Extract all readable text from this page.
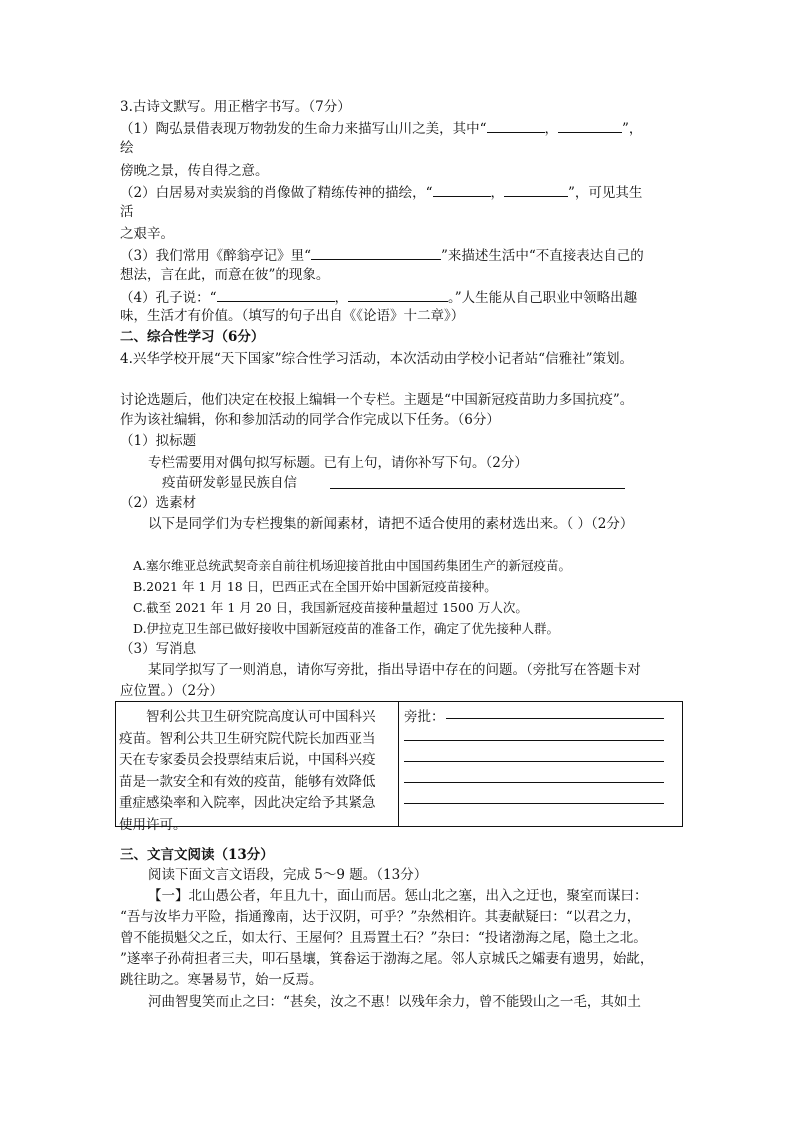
3.古诗文默写。用正楷字书写。（7分）
（1）陶弘景借表现万物勃发的生命力来描写山川之美，其中“	，	”，
绘
傍晚之景，传自得之意。
（2）白居易对卖炭翁的肖像做了精练传神的描绘，“	，	”，可见其生
活
之艰辛。
（3）我们常用《醉翁亭记》里“	”来描述生活中“不直接表达自己的
想法，言在此，而意在彼”的现象。
（4）孔子说：“	，	。”人生能从自己职业中领略出趣
味，生活才有价值。（填写的句子出自《《论语》十二章》）
二、综合性学习（6分）
4.兴华学校开展“天下国家”综合性学习活动，本次活动由学校小记者站“信雅社”策划。
讨论选题后，他们决定在校报上编辑一个专栏。主题是“中国新冠疫苗助力多国抗疫”。
作为该社编辑，你和参加活动的同学合作完成以下任务。（6分）
（1）拟标题
专栏需要用对偶句拟写标题。已有上句，请你补写下句。（2分）
疫苗研发彰显民族自信
（2）选素材
以下是同学们为专栏搜集的新闻素材，请把不适合使用的素材选出来。（ ）（2分）
A.塞尔维亚总统武契奇亲自前往机场迎接首批由中国国药集团生产的新冠疫苗。
B.2021 年 1 月 18 日，巴西正式在全国开始中国新冠疫苗接种。
C.截至 2021 年 1 月 20 日，我国新冠疫苗接种量超过 1500 万人次。
D.伊拉克卫生部已做好接收中国新冠疫苗的准备工作，确定了优先接种人群。
（3）写消息
某同学拟写了一则消息，请你写旁批，指出导语中存在的问题。（旁批写在答题卡对
应位置。）（2分）
　　智利公共卫生研究院高度认可中国科兴
疫苗。智利公共卫生研究院代院长加西亚当
天在专家委员会投票结束后说，中国科兴疫
苗是一款安全和有效的疫苗，能够有效降低
重症感染率和入院率，因此决定给予其紧急
使用许可。
旁批：
三、文言文阅读（13分）
阅读下面文言文语段，完成 5～9 题。（13分）
【一】北山愚公者，年且九十，面山而居。惩山北之塞，出入之迂也，聚室而谋曰：
“吾与汝毕力平险，指通豫南，达于汉阴，可乎？”杂然相许。其妻献疑曰：“以君之力，
曾不能损魁父之丘，如太行、王屋何？且焉置土石？”杂曰：“投诸渤海之尾，隐土之北。
”遂率子孙荷担者三夫，叩石垦壤，箕畚运于渤海之尾。邻人京城氏之孀妻有遗男，始龀，
跳往助之。寒暑易节，始一反焉。
河曲智叟笑而止之曰：“甚矣，汝之不惠！以残年余力，曾不能毁山之一毛，其如土
